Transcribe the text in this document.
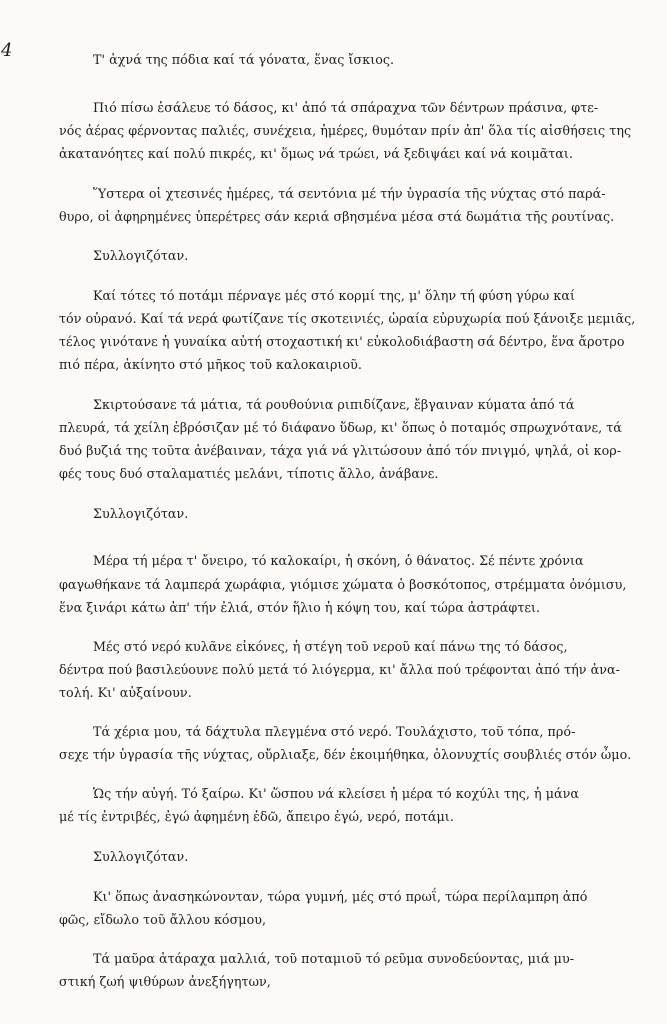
4	Τ' ἀχνά της πόδια καί τά γόνατα, ἕνας ἴσκιος.
Πιό πίσω ἐσάλευε τό δάσος, κι' ἀπό τά σπάραχνα τῶν δέντρων πράσινα, φτε-
νός ἀέρας φέρνοντας παλιές, συνέχεια, ἡμέρες, θυμόταν πρίν ἀπ' ὅλα τίς αἰσθήσεις της
ἀκατανόητες καί πολύ πικρές, κι' ὅμως νά τρώει, νά ξεδιψάει καί νά κοιμᾶται.
Ὕστερα οἱ χτεσινές ἡμέρες, τά σεντόνια μέ τήν ὑγρασία τῆς νύχτας στό παρά-
θυρο, οἱ ἀφηρημένες ὑπερέτρες σάν κεριά σβησμένα μέσα στά δωμάτια τῆς ρουτίνας.
Συλλογιζόταν.
Καί τότες τό ποτάμι πέρναγε μές στό κορμί της, μ' ὅλην τή φύση γύρω καί
τόν οὐρανό. Καί τά νερά φωτίζανε τίς σκοτεινιές, ὡραία εὐρυχωρία πού ξάνοιξε μεμιᾶς,
τέλος γινότανε ἡ γυναίκα αὐτή στοχαστική κι' εὐκολοδιάβαστη σά δέντρο, ἕνα ἄροτρο
πιό πέρα, ἀκίνητο στό μῆκος τοῦ καλοκαιριοῦ.
Σκιρτούσανε τά μάτια, τά ρουθούνια ριπιδίζανε, ἔβγαιναν κύματα ἀπό τά
πλευρά, τά χείλη ἐβρόσιζαν μέ τό διάφανο ὕδωρ, κι' ὅπως ὁ ποταμός σπρωχνότανε, τά
δυό βυζιά της τοῦτα ἀνέβαιναν, τάχα γιά νά γλιτώσουν ἀπό τόν πνιγμό, ψηλά, οἱ κορ-
φές τους δυό σταλαματιές μελάνι, τίποτις ἄλλο, ἀνάβανε.
Συλλογιζόταν.
Μέρα τή μέρα τ' ὄνειρο, τό καλοκαίρι, ἡ σκόνη, ὁ θάνατος. Σέ πέντε χρόνια
φαγωθήκανε τά λαμπερά χωράφια, γιόμισε χώματα ὁ βοσκότοπος, στρέμματα ὀνόμισυ,
ἕνα ξινάρι κάτω ἀπ' τήν ἐλιά, στόν ἥλιο ἡ κόψη του, καί τώρα ἀστράφτει.
Μές στό νερό κυλᾶνε εἰκόνες, ἡ στέγη τοῦ νεροῦ καί πάνω της τό δάσος,
δέντρα πού βασιλεύουνε πολύ μετά τό λιόγερμα, κι' ἄλλα πού τρέφονται ἀπό τήν ἀνα-
τολή. Κι' αὐξαίνουν.
Τά χέρια μου, τά δάχτυλα πλεγμένα στό νερό. Τουλάχιστο, τοῦ τόπα, πρό-
σεχε τήν ὑγρασία τῆς νύχτας, οὔρλιαξε, δέν ἐκοιμήθηκα, ὁλονυχτίς σουβλιές στόν ὦμο.
Ὡς τήν αὐγή. Τό ξαίρω. Κι' ὥσπου νά κλείσει ἡ μέρα τό κοχύλι της, ἡ μάνα
μέ τίς ἐντριβές, ἐγώ ἀφημένη ἐδῶ, ἄπειρο ἐγώ, νερό, ποτάμι.
Συλλογιζόταν.
Κι' ὅπως ἀνασηκώνονταν, τώρα γυμνή, μές στό πρωΐ, τώρα περίλαμπρη ἀπό
φῶς, εἴδωλο τοῦ ἄλλου κόσμου,
Τά μαῦρα ἀτάραχα μαλλιά, τοῦ ποταμιοῦ τό ρεῦμα συνοδεύοντας, μιά μυ-
στική ζωή ψιθύρων ἀνεξήγητων,
